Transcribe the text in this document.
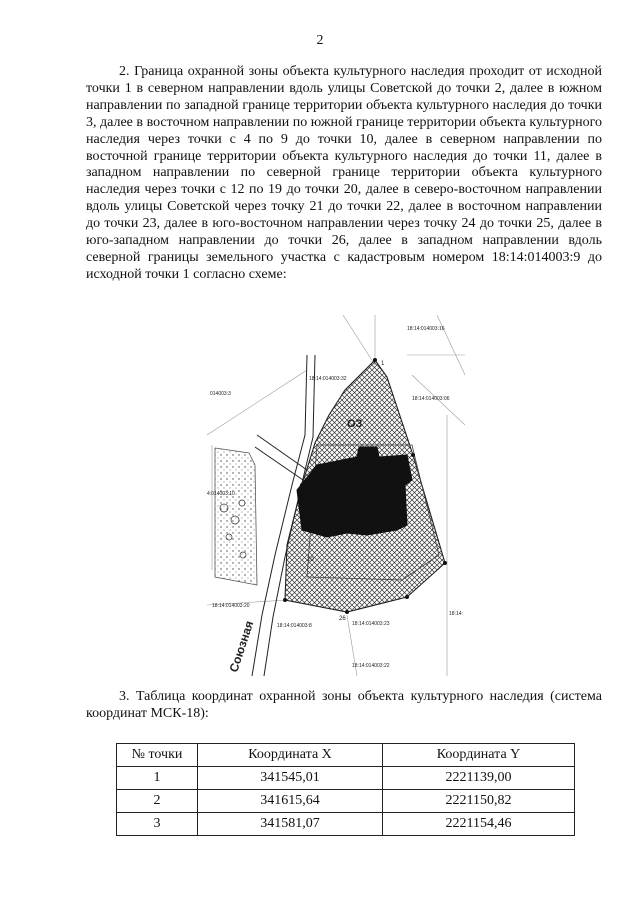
2

2. Граница охранной зоны объекта культурного наследия проходит от исходной точки 1 в северном направлении вдоль улицы Советской до точки 2, далее в южном направлении по западной границе территории объекта культурного наследия до точки 3, далее в восточном направлении по южной границе территории объекта культурного наследия через точки с 4 по 9 до точки 10, далее в северном направлении по восточной границе территории объекта культурного наследия до точки 11, далее в западном направлении по северной границе территории объекта культурного наследия через точки с 12 по 19 до точки 20, далее в северо-восточном направлении вдоль улицы Советской через точку 21 до точки 22, далее в восточном направлении до точки 23, далее в юго-восточном направлении через точку 24 до точки 25, далее в юго-западном направлении до точки 26, далее в западном направлении вдоль северной границы земельного участка с кадастровым номером 18:14:014003:9 до исходной точки 1 согласно схеме:

18:14:014003:16
18:14:014003:32
014003:3
18:14:014003:06
4:014003:10
18:14:014003:20
18:14:014003:8	18:14:014003:23
18:14:014003:22
18:14:
ОЗ
Союзная
1
20
26

3. Таблица координат охранной зоны объекта культурного наследия (система координат МСК-18):

№ точки	Координата X	Координата Y
1	341545,01	2221139,00
2	341615,64	2221150,82
3	341581,07	2221154,46
